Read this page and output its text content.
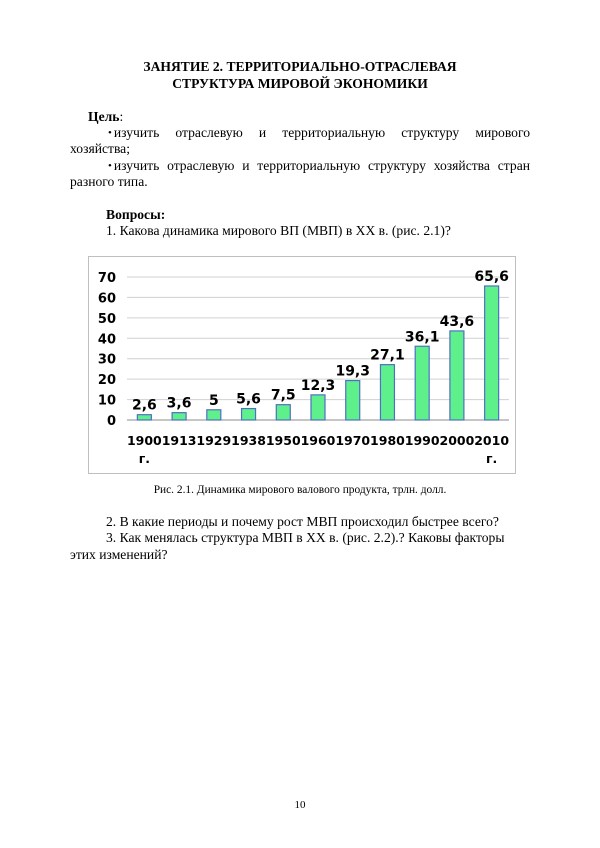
ЗАНЯТИЕ 2. ТЕРРИТОРИАЛЬНО-ОТРАСЛЕВАЯ

СТРУКТУРА МИРОВОЙ ЭКОНОМИКИ

Цель:

• изучить отраслевую и территориальную структуру мирового

хозяйства;

• изучить отраслевую и территориальную структуру хозяйства стран

разного типа.

Вопросы:

1. Какова динамика мирового ВП (МВП) в XX в. (рис. 2.1)?

0
10
20
30
40
50
60
70
2,6
1900
г.
3,6
1913
5
1929
5,6
1938
7,5
1950
12,3
1960
19,3
1970
27,1
1980
36,1
1990
43,6
2000
65,6
2010
г.

Рис. 2.1. Динамика мирового валового продукта, трлн. долл.

2. В какие периоды и почему рост МВП происходил быстрее всего?

3. Как менялась структура МВП в XX в. (рис. 2.2).? Каковы факторы

этих изменений?

10
